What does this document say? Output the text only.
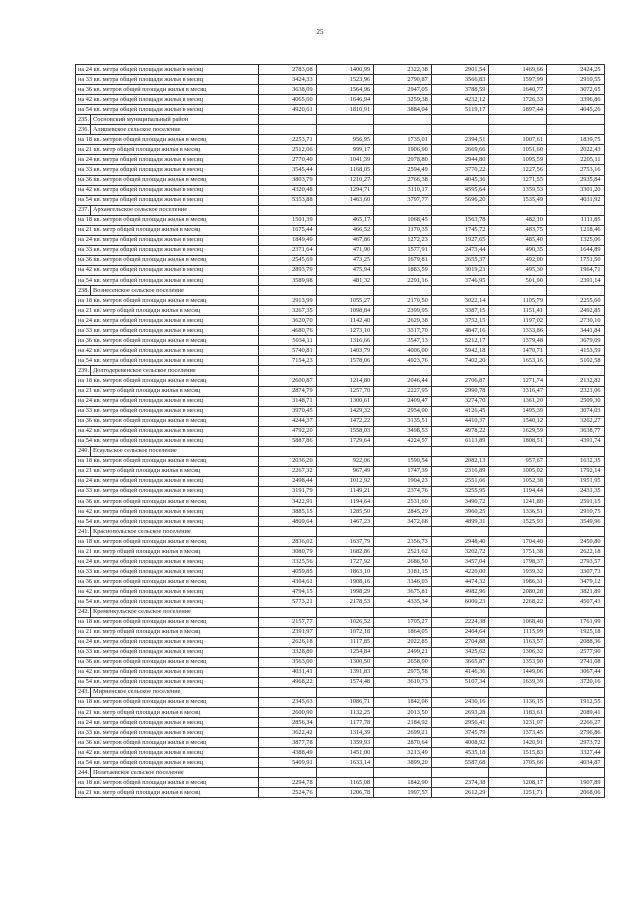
25
на 24 кв. метра общей площади жилья в месяц		2783,08	1400,99	2322,38	2901,54	1469,66	2424,25
на 33 кв. метра общей площади жилья в месяц		3424,33	1523,96	2790,87	3566,83	1597,99	2910,55
на 36 кв. метров общей площади жилья в месяц		3638,09	1564,96	2947,05	3788,59	1640,77	3072,65
на 42 кв. метра общей площади жилья в месяц		4065,60	1646,94	3259,38	4232,12	1726,33	3396,86
на 54 кв. метра общей площади жилья в месяц		4920,61	1810,91	3884,04	5119,17	1897,44	4045,26
235.	Сосновский муниципальный район						
236.	Алишевское сельское поселение						
на 18 кв. метров общей площади жилья в месяц		2253,71	956,95	1735,01	2394,51	1007,61	1839,75
на 21 кв. метр общей площади жилья в месяц		2512,06	999,17	1906,90	2669,66	1051,60	2022,43
на 24 кв. метра общей площади жилья в месяц		2770,40	1041,39	2078,80	2944,80	1095,59	2205,11
на 33 кв. метра общей площади жилья в месяц		3545,44	1168,05	2594,49	3770,22	1227,56	2753,16
на 36 кв. метров общей площади жилья в месяц		3803,79	1210,27	2766,38	4045,36	1271,55	2935,84
на 42 кв. метра общей площади жилья в месяц		4320,48	1294,71	3110,17	4595,64	1359,53	3301,20
на 54 кв. метра общей площади жилья в месяц		5353,88	1463,60	3797,77	5696,20	1535,49	4031,92
237.	Архангельское сельское поселение						
на 18 кв. метров общей площади жилья в месяц		1501,39	465,17	1068,45	1563,78	482,10	1111,85
на 21 кв. метр общей площади жилья в месяц		1675,44	466,52	1170,35	1745,72	483,75	1218,46
на 24 кв. метра общей площади жилья в месяц		1849,49	467,86	1272,23	1927,65	485,40	1325,06
на 33 кв. метра общей площади жилья в месяц		2371,64	471,90	1577,91	2473,44	490,35	1644,89
на 36 кв. метров общей площади жилья в месяц		2545,69	473,25	1679,81	2655,37	492,00	1751,50
на 42 кв. метра общей площади жилья в месяц		2893,79	475,94	1883,59	3019,23	495,30	1964,71
на 54 кв. метра общей площади жилья в месяц		3589,98	481,32	2291,16	3746,95	501,90	2391,14
238.	Вознесенское сельское поселение						
на 18 кв. метров общей площади жилья в месяц		2913,99	1055,27	2170,50	3022,14	1105,79	2255,60
на 21 кв. метр общей площади жилья в месяц		3267,35	1098,84	2399,95	3387,15	1151,41	2492,85
на 24 кв. метра общей площади жилья в месяц		3620,70	1142,40	2629,38	3752,15	1197,02	2730,10
на 33 кв. метра общей площади жилья в месяц		4680,76	1273,10	3317,70	4847,16	1333,86	3441,84
на 36 кв. метров общей площади жилья в месяц		5034,11	1316,66	3547,13	5212,17	1379,48	3679,09
на 42 кв. метра общей площади жилья в месяц		5740,81	1403,79	4006,00	5942,18	1470,71	4153,59
на 54 кв. метра общей площади жилья в месяц		7154,23	1578,06	4923,76	7402,20	1653,16	5102,58
239.	Долгодеревенское сельское поселение						
на 18 кв. метров общей площади жилья в месяц		2600,87	1214,80	2046,44	2706,87	1271,74	2132,82
на 21 кв. метр общей площади жилья в месяц		2874,79	1257,70	2227,95	2990,78	1316,47	2321,06
на 24 кв. метра общей площади жилья в месяц		3148,71	1300,61	2409,47	3274,70	1361,20	2509,30
на 33 кв. метра общей площади жилья в месяц		3970,45	1429,32	2954,00	4126,45	1495,39	3074,03
на 36 кв. метров общей площади жилья в месяц		4244,37	1472,22	3135,51	4410,37	1540,12	3262,27
на 42 кв. метра общей площади жилья в месяц		4792,20	1558,03	3498,53	4978,22	1629,59	3638,77
на 54 кв. метра общей площади жилья в месяц		5887,86	1729,64	4224,57	6113,89	1808,51	4391,74
240.	Есаульское сельское поселение						
на 18 кв. метров общей площади жилья в месяц		2036,20	922,06	1590,54	2082,13	957,67	1632,35
на 21 кв. метр общей площади жилья в месяц		2267,32	967,49	1747,39	2316,89	1005,02	1792,14
на 24 кв. метра общей площади жилья в месяц		2498,44	1012,92	1904,23	2551,66	1052,38	1951,95
на 33 кв. метра общей площади жилья в месяц		3191,79	1149,21	2374,76	3255,95	1194,44	2431,35
на 36 кв. метров общей площади жилья в месяц		3422,91	1194,64	2531,60	3490,72	1241,80	2591,15
на 42 кв. метра общей площади жилья в месяц		3885,15	1285,50	2845,29	3960,25	1336,51	2910,75
на 54 кв. метра общей площади жилья в месяц		4809,64	1467,23	3472,68	4899,31	1525,93	3549,96
241.	Краснопольское сельское поселение						
на 18 кв. метров общей площади жилья в месяц		2836,02	1637,79	2356,73	2948,40	1704,40	2450,80
на 21 кв. метр общей площади жилья в месяц		3080,79	1682,86	2521,62	3202,72	1751,38	2622,18
на 24 кв. метра общей площади жилья в месяц		3325,56	1727,92	2686,50	3457,04	1798,37	2793,57
на 33 кв. метра общей площади жилья в месяц		4059,85	1863,10	3181,15	4220,00	1939,32	3307,73
на 36 кв. метров общей площади жилья в месяц		4304,61	1908,16	3346,03	4474,32	1986,31	3479,12
на 42 кв. метра общей площади жилья в месяц		4794,15	1998,29	3675,81	4982,96	2080,28	3821,89
на 54 кв. метра общей площади жилья в месяц		5773,21	2178,53	4335,34	6000,23	2268,22	4507,43
242.	Кременкульское сельское поселение						
на 18 кв. метров общей площади жилья в месяц		2157,77	1026,52	1705,27	2224,38	1068,40	1761,99
на 21 кв. метр общей площади жилья в месяц		2391,97	1072,18	1864,05	2464,64	1115,99	1925,18
на 24 кв. метра общей площади жилья в месяц		2626,18	1117,85	2022,85	2704,88	1163,57	2088,36
на 33 кв. метра общей площади жилья в месяц		3328,80	1254,84	2499,21	3425,62	1306,32	2577,90
на 36 кв. метров общей площади жилья в месяц		3563,00	1300,50	2658,00	3665,87	1353,90	2741,08
на 42 кв. метра общей площади жилья в месяц		4031,41	1391,83	2975,58	4146,36	1449,06	3067,44
на 54 кв. метра общей площади жилья в месяц		4968,22	1574,48	3610,73	5107,34	1639,39	3720,16
243.	Мирненское сельское поселение						
на 18 кв. метров общей площади жилья в месяц		2345,63	1086,71	1842,06	2430,16	1136,15	1912,55
на 21 кв. метр общей площади жилья в месяц		2600,90	1132,25	2013,50	2693,28	1183,61	2089,41
на 24 кв. метра общей площади жилья в месяц		2856,34	1177,78	2184,92	2956,41	1231,07	2266,27
на 33 кв. метра общей площади жилья в месяц		3622,42	1314,39	2699,21	3745,79	1373,45	2796,86
на 36 кв. метров общей площади жилья в месяц		3877,78	1359,93	2870,64	4008,92	1420,91	2973,72
на 42 кв. метра общей площади жилья в месяц		4388,49	1451,00	3213,49	4535,18	1515,83	3327,44
на 54 кв. метра общей площади жилья в месяц		5409,91	1633,14	3899,20	5587,68	1705,66	4034,87
244.	Полетаевское сельское поселение						
на 18 кв. метров общей площади жилья в месяц		2294,78	1165,08	1842,90	2374,38	1208,17	1907,89
на 21 кв. метр общей площади жилья в месяц		2524,76	1206,78	1997,57	2612,29	1251,71	2068,06
